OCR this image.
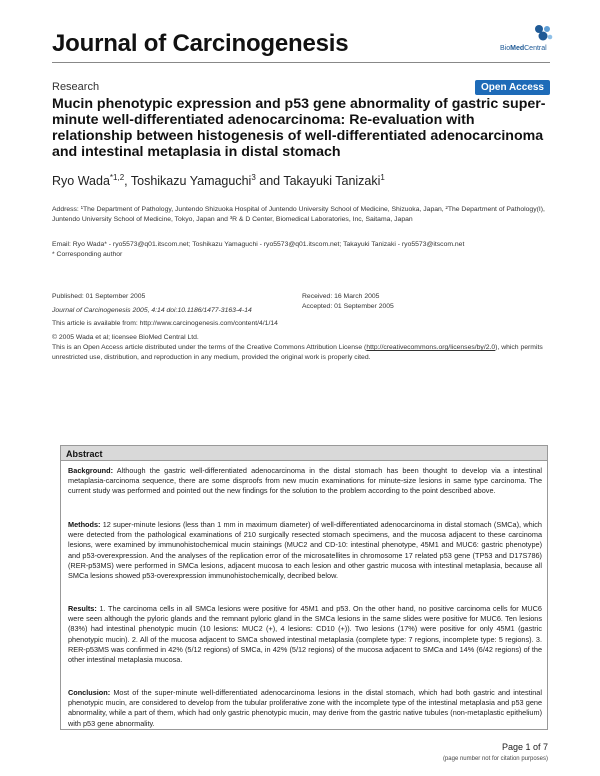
Journal of Carcinogenesis	BioMedCentral
Research	Open Access
Mucin phenotypic expression and p53 gene abnormality of gastric super-minute well-differentiated adenocarcinoma: Re-evaluation with relationship between histogenesis of well-differentiated adenocarcinoma and intestinal metaplasia in distal stomach
Ryo Wada$^{*1,2}$, Toshikazu Yamaguchi$^3$ and Takayuki Tanizaki$^1$
Address: ¹The Department of Pathology, Juntendo Shizuoka Hospital of Juntendo University School of Medicine, Shizuoka, Japan, ²The Department of Pathology(I), Juntendo University School of Medicine, Tokyo, Japan and ³R & D Center, Biomedical Laboratories, Inc, Saitama, Japan
Email: Ryo Wada* - ryo5573@q01.itscom.net; Toshikazu Yamaguchi - ryo5573@q01.itscom.net; Takayuki Tanizaki - ryo5573@itscom.net
* Corresponding author
Published: 01 September 2005
Journal of Carcinogenesis 2005, 4:14 doi:10.1186/1477-3163-4-14
Received: 16 March 2005
Accepted: 01 September 2005
This article is available from: http://www.carcinogenesis.com/content/4/1/14
© 2005 Wada et al; licensee BioMed Central Ltd.
This is an Open Access article distributed under the terms of the Creative Commons Attribution License (http://creativecommons.org/licenses/by/2.0), which permits unrestricted use, distribution, and reproduction in any medium, provided the original work is properly cited.
Abstract
Background: Although the gastric well-differentiated adenocarcinoma in the distal stomach has been thought to develop via a intestinal metaplasia-carcinoma sequence, there are some disproofs from new mucin examinations for minute-size lesions in same type carcinoma. The current study was performed and pointed out the new findings for the solution to the problem according to the point described above.
Methods: 12 super-minute lesions (less than 1 mm in maximum diameter) of well-differentiated adenocarcinoma in distal stomach (SMCa), which were detected from the pathological examinations of 210 surgically resected stomach specimens, and the mucosa adjacent to these carcinoma lesions, were examined by immunohistochemical mucin stainings (MUC2 and CD-10: intestinal phenotype, 45M1 and MUC6: gastric phenotype) and p53-overexpression. And the analyses of the replication error of the microsatellites in chromosome 17 related p53 gene (TP53 and D17S786) (RER-p53MS) were performed in SMCa lesions, adjacent mucosa to each lesion and other gastric mucosa with intestinal metaplasia, because all SMCa lesions showed p53-overexpression immunohistochemically, decribed below.
Results: 1. The carcinoma cells in all SMCa lesions were positive for 45M1 and p53. On the other hand, no positive carcinoma cells for MUC6 were seen although the pyloric glands and the remnant pyloric gland in the SMCa lesions in the same slides were positive for MUC6. Ten lesions (83%) had intestinal phenotypic mucin (10 lesions: MUC2 (+), 4 lesions: CD10 (+)). Two lesions (17%) were positive for only 45M1 (gastric phenotypic mucin). 2. All of the mucosa adjacent to SMCa showed intestinal metaplasia (complete type: 7 regions, incomplete type: 5 regions). 3. RER-p53MS was confirmed in 42% (5/12 regions) of SMCa, in 42% (5/12 regions) of the mucosa adjacent to SMCa and 14% (6/42 regions) of the other intestinal metaplasia mucosa.
Conclusion: Most of the super-minute well-differentiated adenocarcinoma lesions in the distal stomach, which had both gastric and intestinal phenotypic mucin, are considered to develop from the tubular proliferative zone with the incomplete type of the intestinal metaplasia and p53 gene abnormality, while a part of them, which had only gastric phenotypic mucin, may derive from the gastric native tubules (non-metaplastic epithelium) with p53 gene abnormality.
Page 1 of 7
(page number not for citation purposes)
